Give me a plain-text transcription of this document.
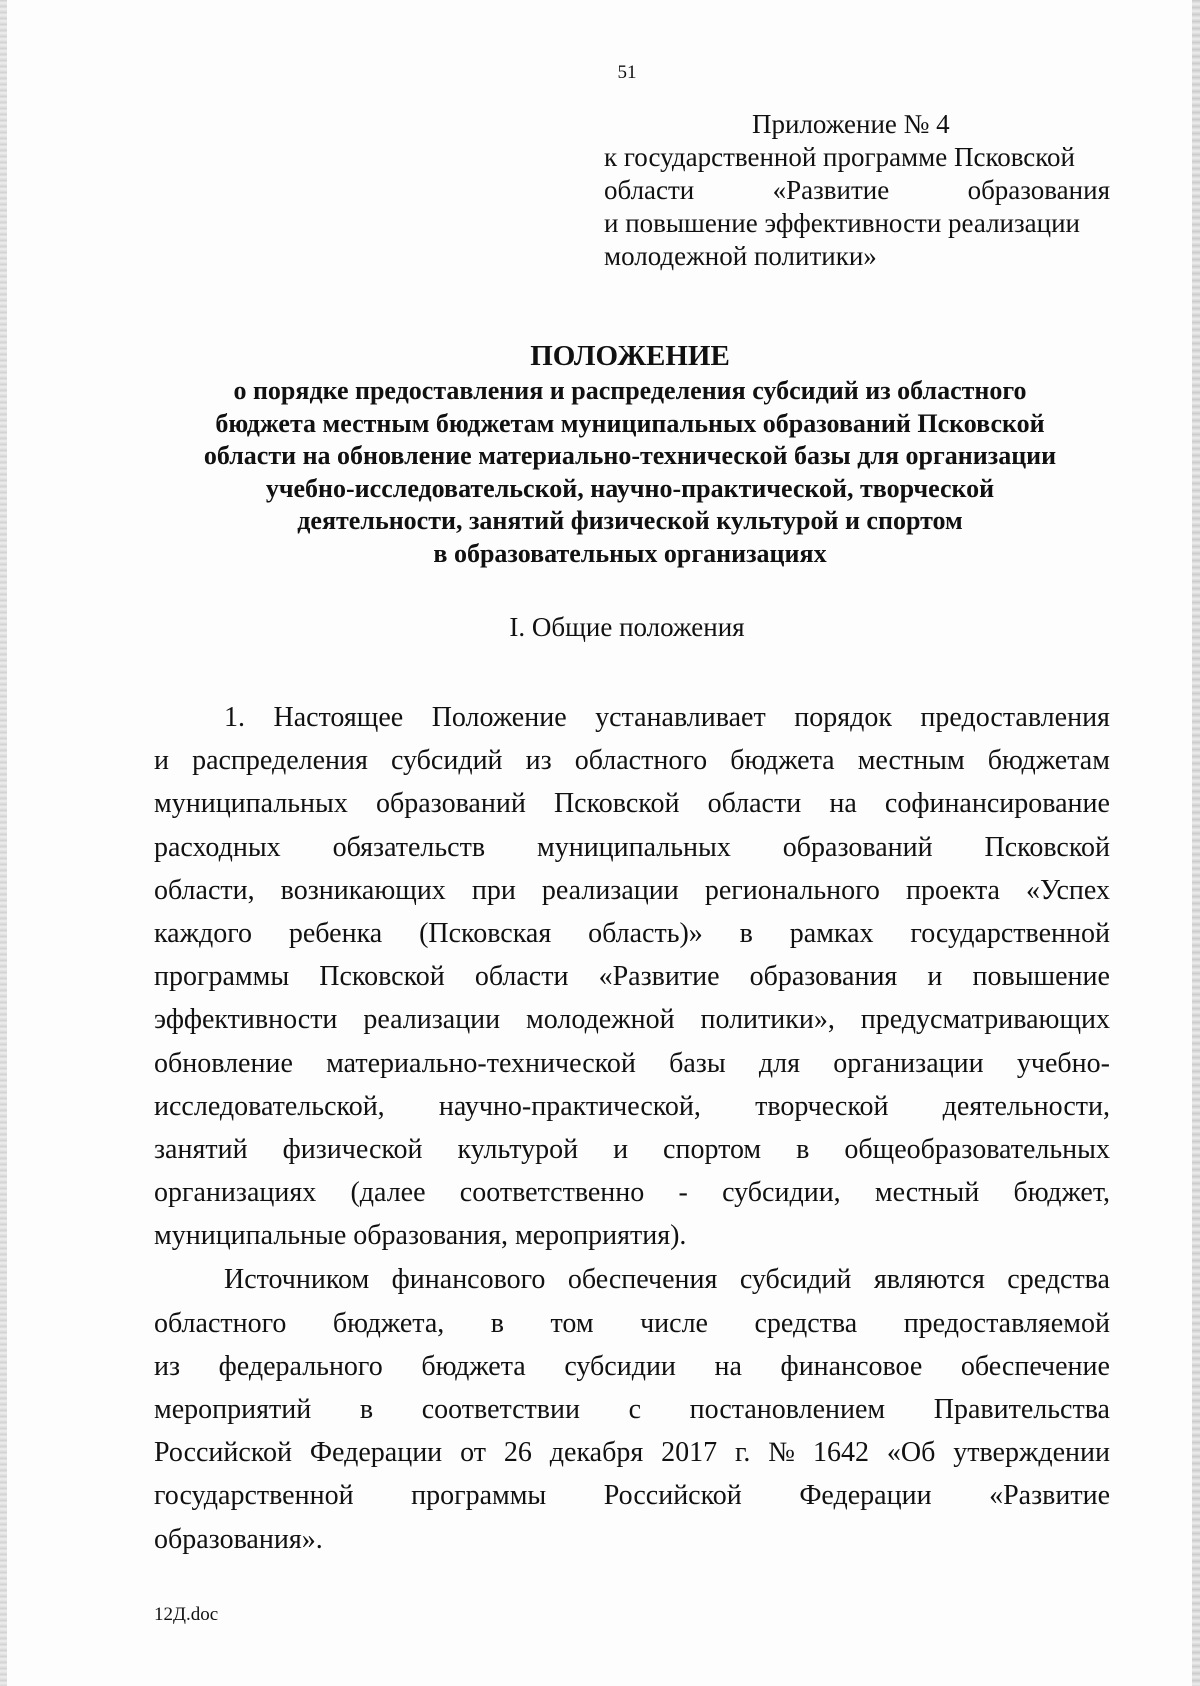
51
Приложение № 4
к государственной программе Псковской
области	«Развитие	образования
и повышение эффективности реализации
молодежной политики»
ПОЛОЖЕНИЕ
о порядке предоставления и распределения субсидий из областного
бюджета местным бюджетам муниципальных образований Псковской
области на обновление материально-технической базы для организации
учебно-исследовательской, научно-практической, творческой
деятельности, занятий физической культурой и спортом
в образовательных организациях
I. Общие положения
1. Настоящее Положение устанавливает порядок предоставления
и распределения субсидий из областного бюджета местным бюджетам
муниципальных образований Псковской области на софинансирование
расходных обязательств муниципальных образований Псковской
области, возникающих при реализации регионального проекта «Успех
каждого ребенка (Псковская область)» в рамках государственной
программы Псковской области «Развитие образования и повышение
эффективности реализации молодежной политики», предусматривающих
обновление материально-технической базы для организации учебно-
исследовательской, научно-практической, творческой деятельности,
занятий физической культурой и спортом в общеобразовательных
организациях (далее соответственно - субсидии, местный бюджет,
муниципальные образования, мероприятия).
Источником финансового обеспечения субсидий являются средства
областного бюджета, в том числе средства предоставляемой
из федерального бюджета субсидии на финансовое обеспечение
мероприятий в соответствии с постановлением Правительства
Российской Федерации от 26 декабря 2017 г. № 1642 «Об утверждении
государственной программы Российской Федерации «Развитие
образования».
12Д.doc
